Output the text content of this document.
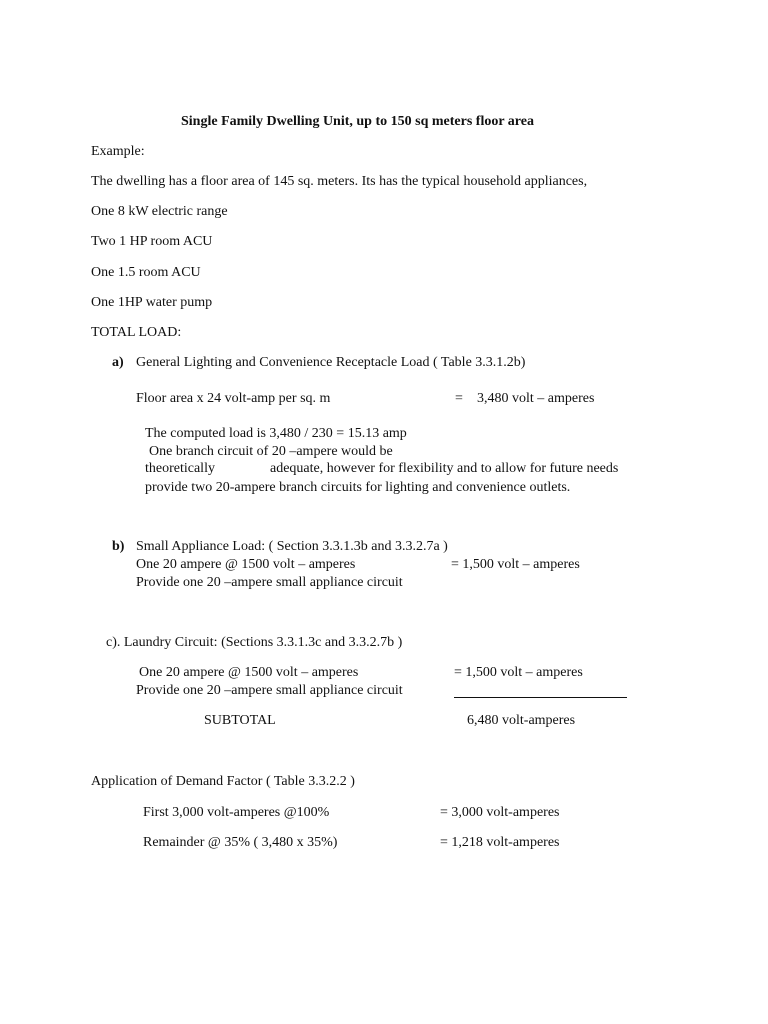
Single Family Dwelling Unit, up to 150 sq meters floor area
Example:
The dwelling has a floor area of 145 sq. meters. Its has the typical household appliances,
One 8 kW electric range
Two 1 HP room ACU
One 1.5 room ACU
One 1HP water pump
TOTAL LOAD:
a) General Lighting and Convenience Receptacle Load ( Table 3.3.1.2b)
Floor area x 24 volt-amp per sq. m	= 3,480 volt – amperes
The computed load is 3,480 / 230 = 15.13 amp
One branch circuit of 20 –ampere would be
theoretically	adequate, however for flexibility and to allow for future needs
provide two 20-ampere branch circuits for lighting and convenience outlets.
b) Small Appliance Load: ( Section 3.3.1.3b and 3.3.2.7a )
One 20 ampere @ 1500 volt – amperes	= 1,500 volt – amperes
Provide one 20 –ampere small appliance circuit
c). Laundry Circuit: (Sections 3.3.1.3c and 3.3.2.7b )
One 20 ampere @ 1500 volt – amperes	= 1,500 volt – amperes
Provide one 20 –ampere small appliance circuit
SUBTOTAL	6,480 volt-amperes
Application of Demand Factor ( Table 3.3.2.2 )
First 3,000 volt-amperes @100%	= 3,000 volt-amperes
Remainder @ 35% ( 3,480 x 35%)	= 1,218 volt-amperes
